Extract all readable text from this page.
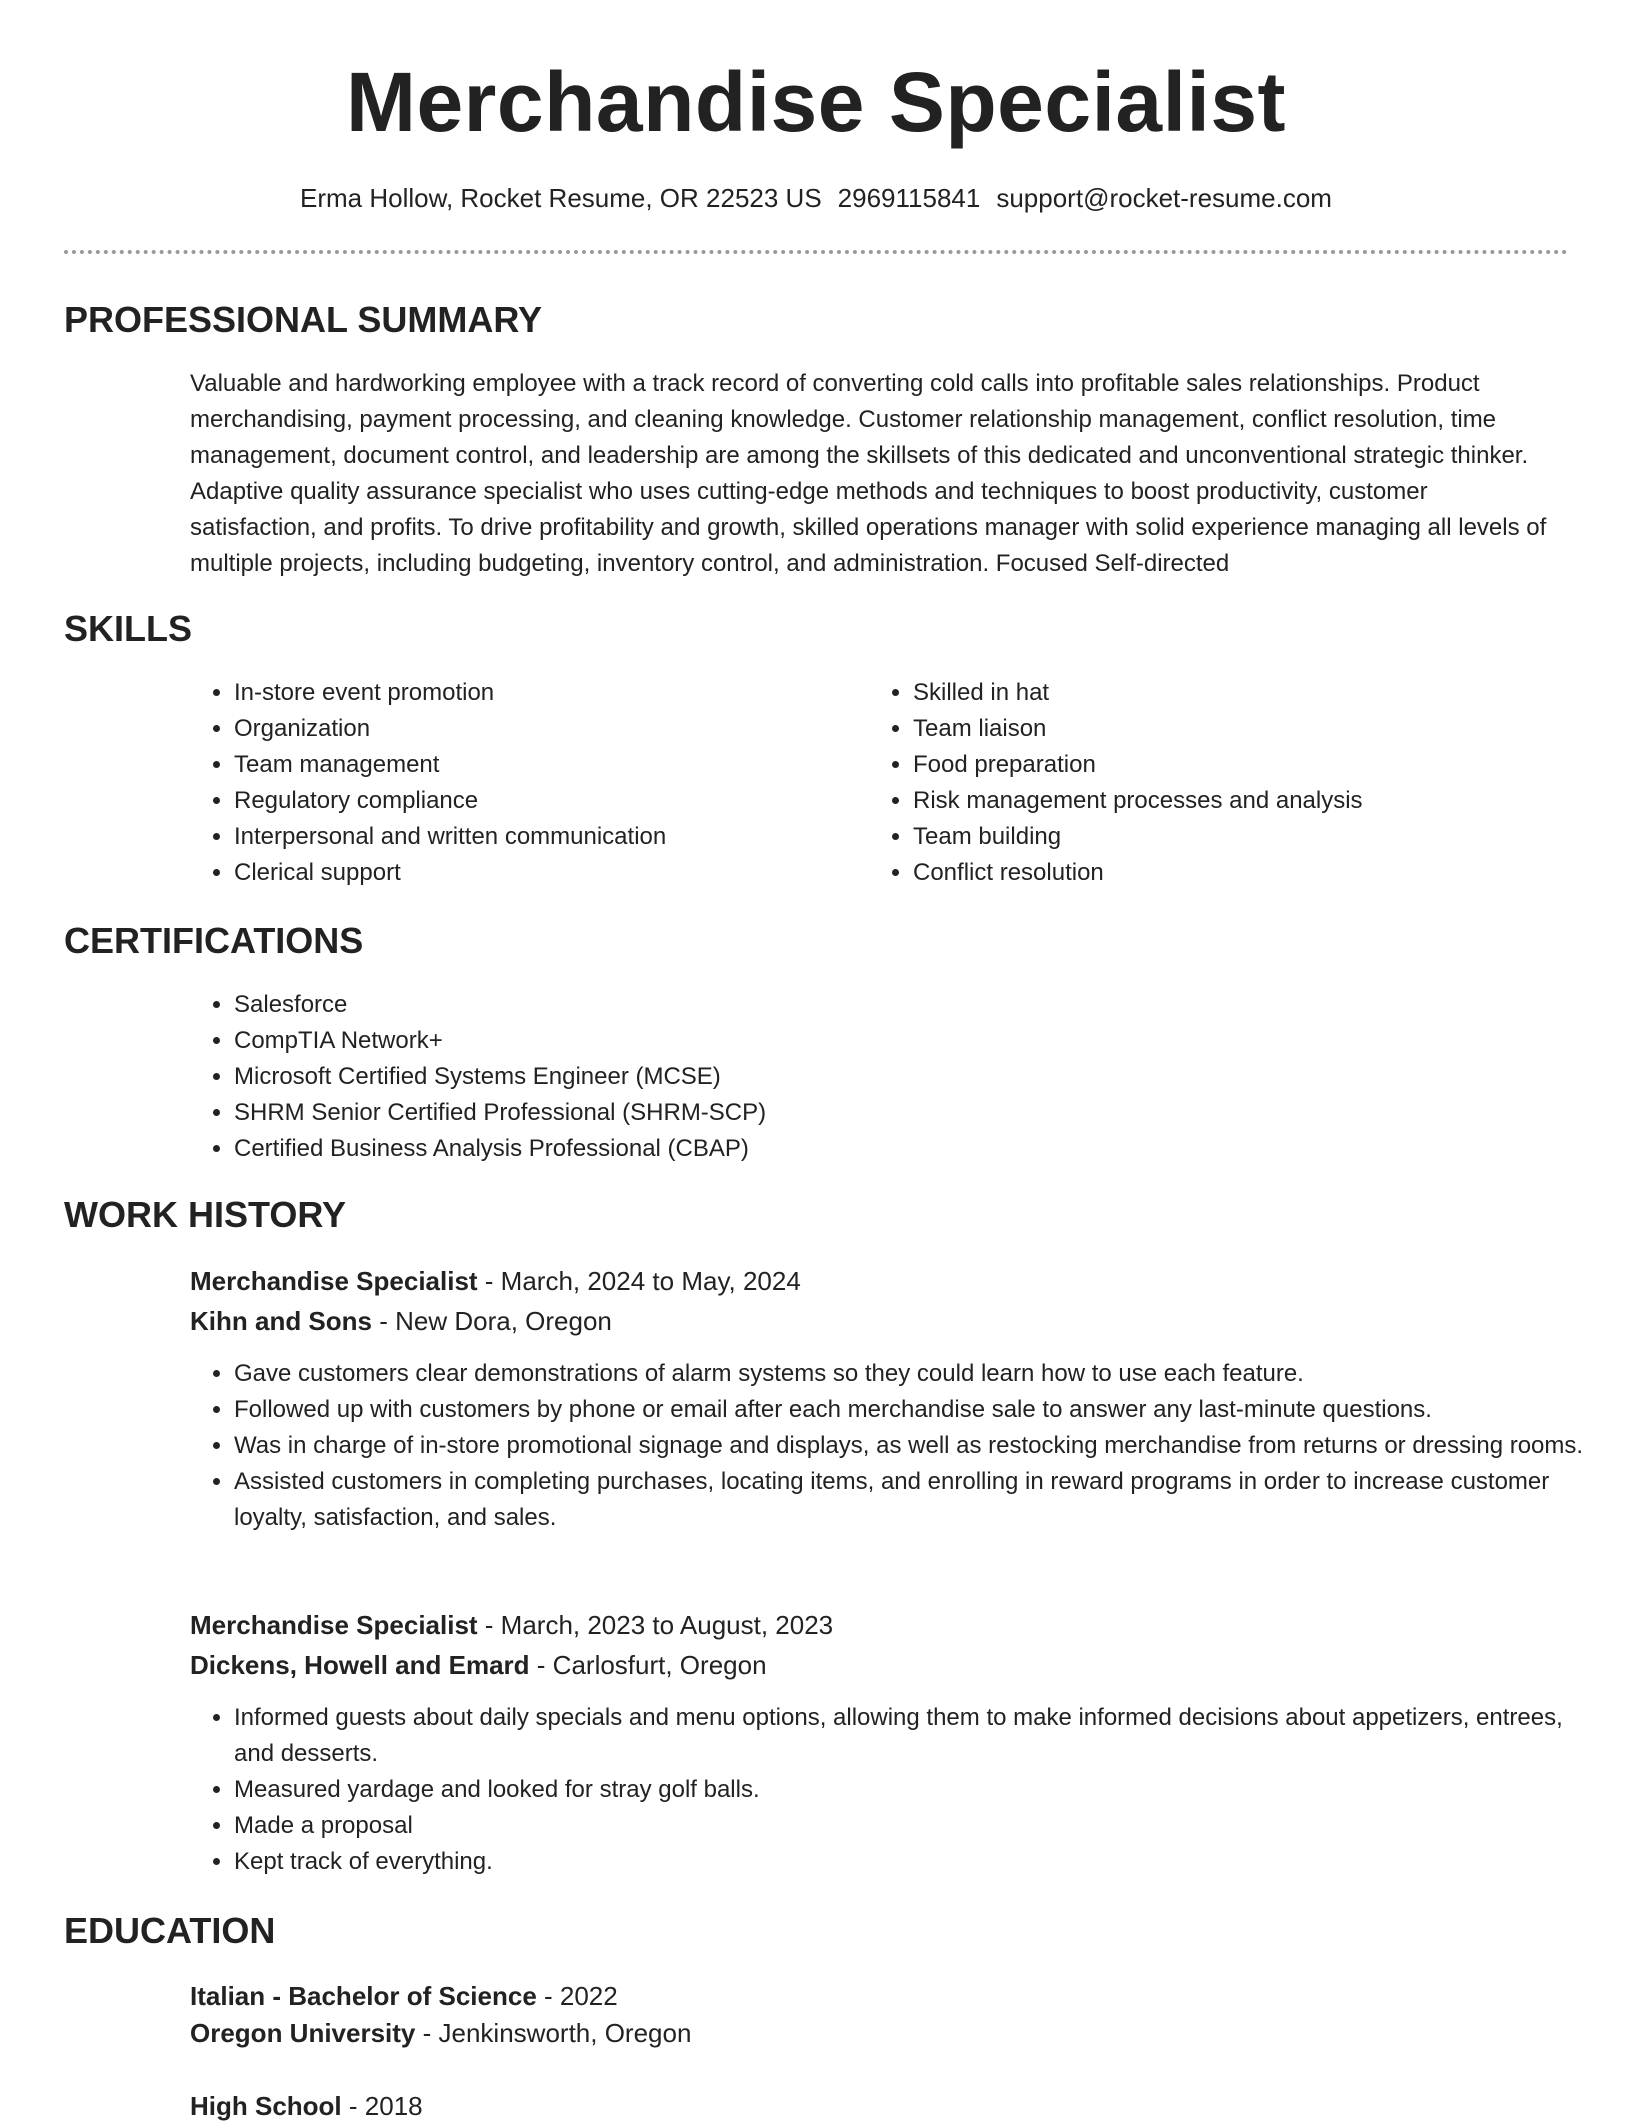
Merchandise Specialist
Erma Hollow, Rocket Resume, OR 22523 US 2969115841 support@rocket-resume.com
PROFESSIONAL SUMMARY

Valuable and hardworking employee with a track record of converting cold calls into profitable sales relationships. Product merchandising, payment processing, and cleaning knowledge. Customer relationship management, conflict resolution, time management, document control, and leadership are among the skillsets of this dedicated and unconventional strategic thinker. Adaptive quality assurance specialist who uses cutting-edge methods and techniques to boost productivity, customer satisfaction, and profits. To drive profitability and growth, skilled operations manager with solid experience managing all levels of multiple projects, including budgeting, inventory control, and administration. Focused Self-directed

SKILLS
• In-store event promotion
• Organization
• Team management
• Regulatory compliance
• Interpersonal and written communication
• Clerical support
• Skilled in hat
• Team liaison
• Food preparation
• Risk management processes and analysis
• Team building
• Conflict resolution
CERTIFICATIONS
• Salesforce
• CompTIA Network+
• Microsoft Certified Systems Engineer (MCSE)
• SHRM Senior Certified Professional (SHRM-SCP)
• Certified Business Analysis Professional (CBAP)
WORK HISTORY
Merchandise Specialist - March, 2024 to May, 2024
Kihn and Sons - New Dora, Oregon
• Gave customers clear demonstrations of alarm systems so they could learn how to use each feature.
• Followed up with customers by phone or email after each merchandise sale to answer any last-minute questions.
• Was in charge of in-store promotional signage and displays, as well as restocking merchandise from returns or dressing rooms.
• Assisted customers in completing purchases, locating items, and enrolling in reward programs in order to increase customer loyalty, satisfaction, and sales.
Merchandise Specialist - March, 2023 to August, 2023
Dickens, Howell and Emard - Carlosfurt, Oregon
• Informed guests about daily specials and menu options, allowing them to make informed decisions about appetizers, entrees, and desserts.
• Measured yardage and looked for stray golf balls.
• Made a proposal
• Kept track of everything.
EDUCATION
Italian - Bachelor of Science - 2022
Oregon University - Jenkinsworth, Oregon
High School - 2018
